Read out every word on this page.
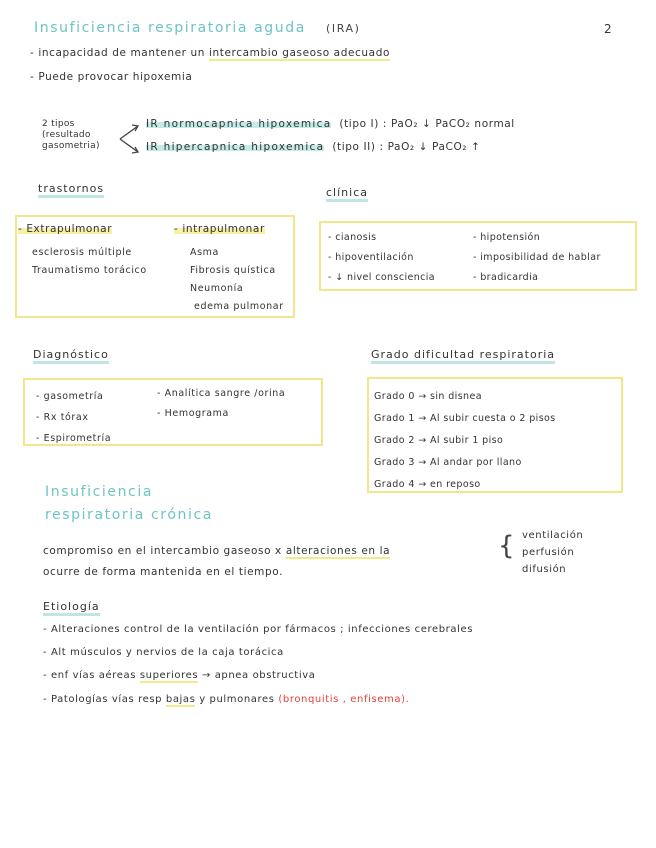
Insuficiencia respiratoria aguda (IRA)	2
- incapacidad de mantener un intercambio gaseoso adecuado
- Puede provocar hipoxemia
2 tipos
(resultado
gasometria)
IR normocapnica hipoxemica (tipo I) : PaO₂ ↓ PaCO₂ normal
IR hipercapnica hipoxemica (tipo II) : PaO₂ ↓ PaCO₂ ↑
trastornos
- Extrapulmonar
esclerosis múltiple
Traumatismo torácico
- intrapulmonar
Asma
Fibrosis quística
Neumonía
edema pulmonar
clínica
- cianosis
- hipoventilación
- ↓ nivel consciencia
- hipotensión
- imposibilidad de hablar
- bradicardia
Diagnóstico
- gasometría
- Rx tórax
- Espirometría
- Analítica sangre /orina
- Hemograma
Grado dificultad respiratoria
Grado 0 → sin disnea
Grado 1 → Al subir cuesta o 2 pisos
Grado 2 → Al subir 1 piso
Grado 3 → Al andar por llano
Grado 4 → en reposo
Insuficiencia
respiratoria crónica
compromiso en el intercambio gaseoso x alteraciones en la
ocurre de forma mantenida en el tiempo.
{ ventilación
perfusión
difusión
Etiología
- Alteraciones control de la ventilación por fármacos ; infecciones cerebrales
- Alt músculos y nervios de la caja torácica
- enf vías aéreas superiores → apnea obstructiva
- Patologías vías resp bajas y pulmonares (bronquitis , enfisema).
